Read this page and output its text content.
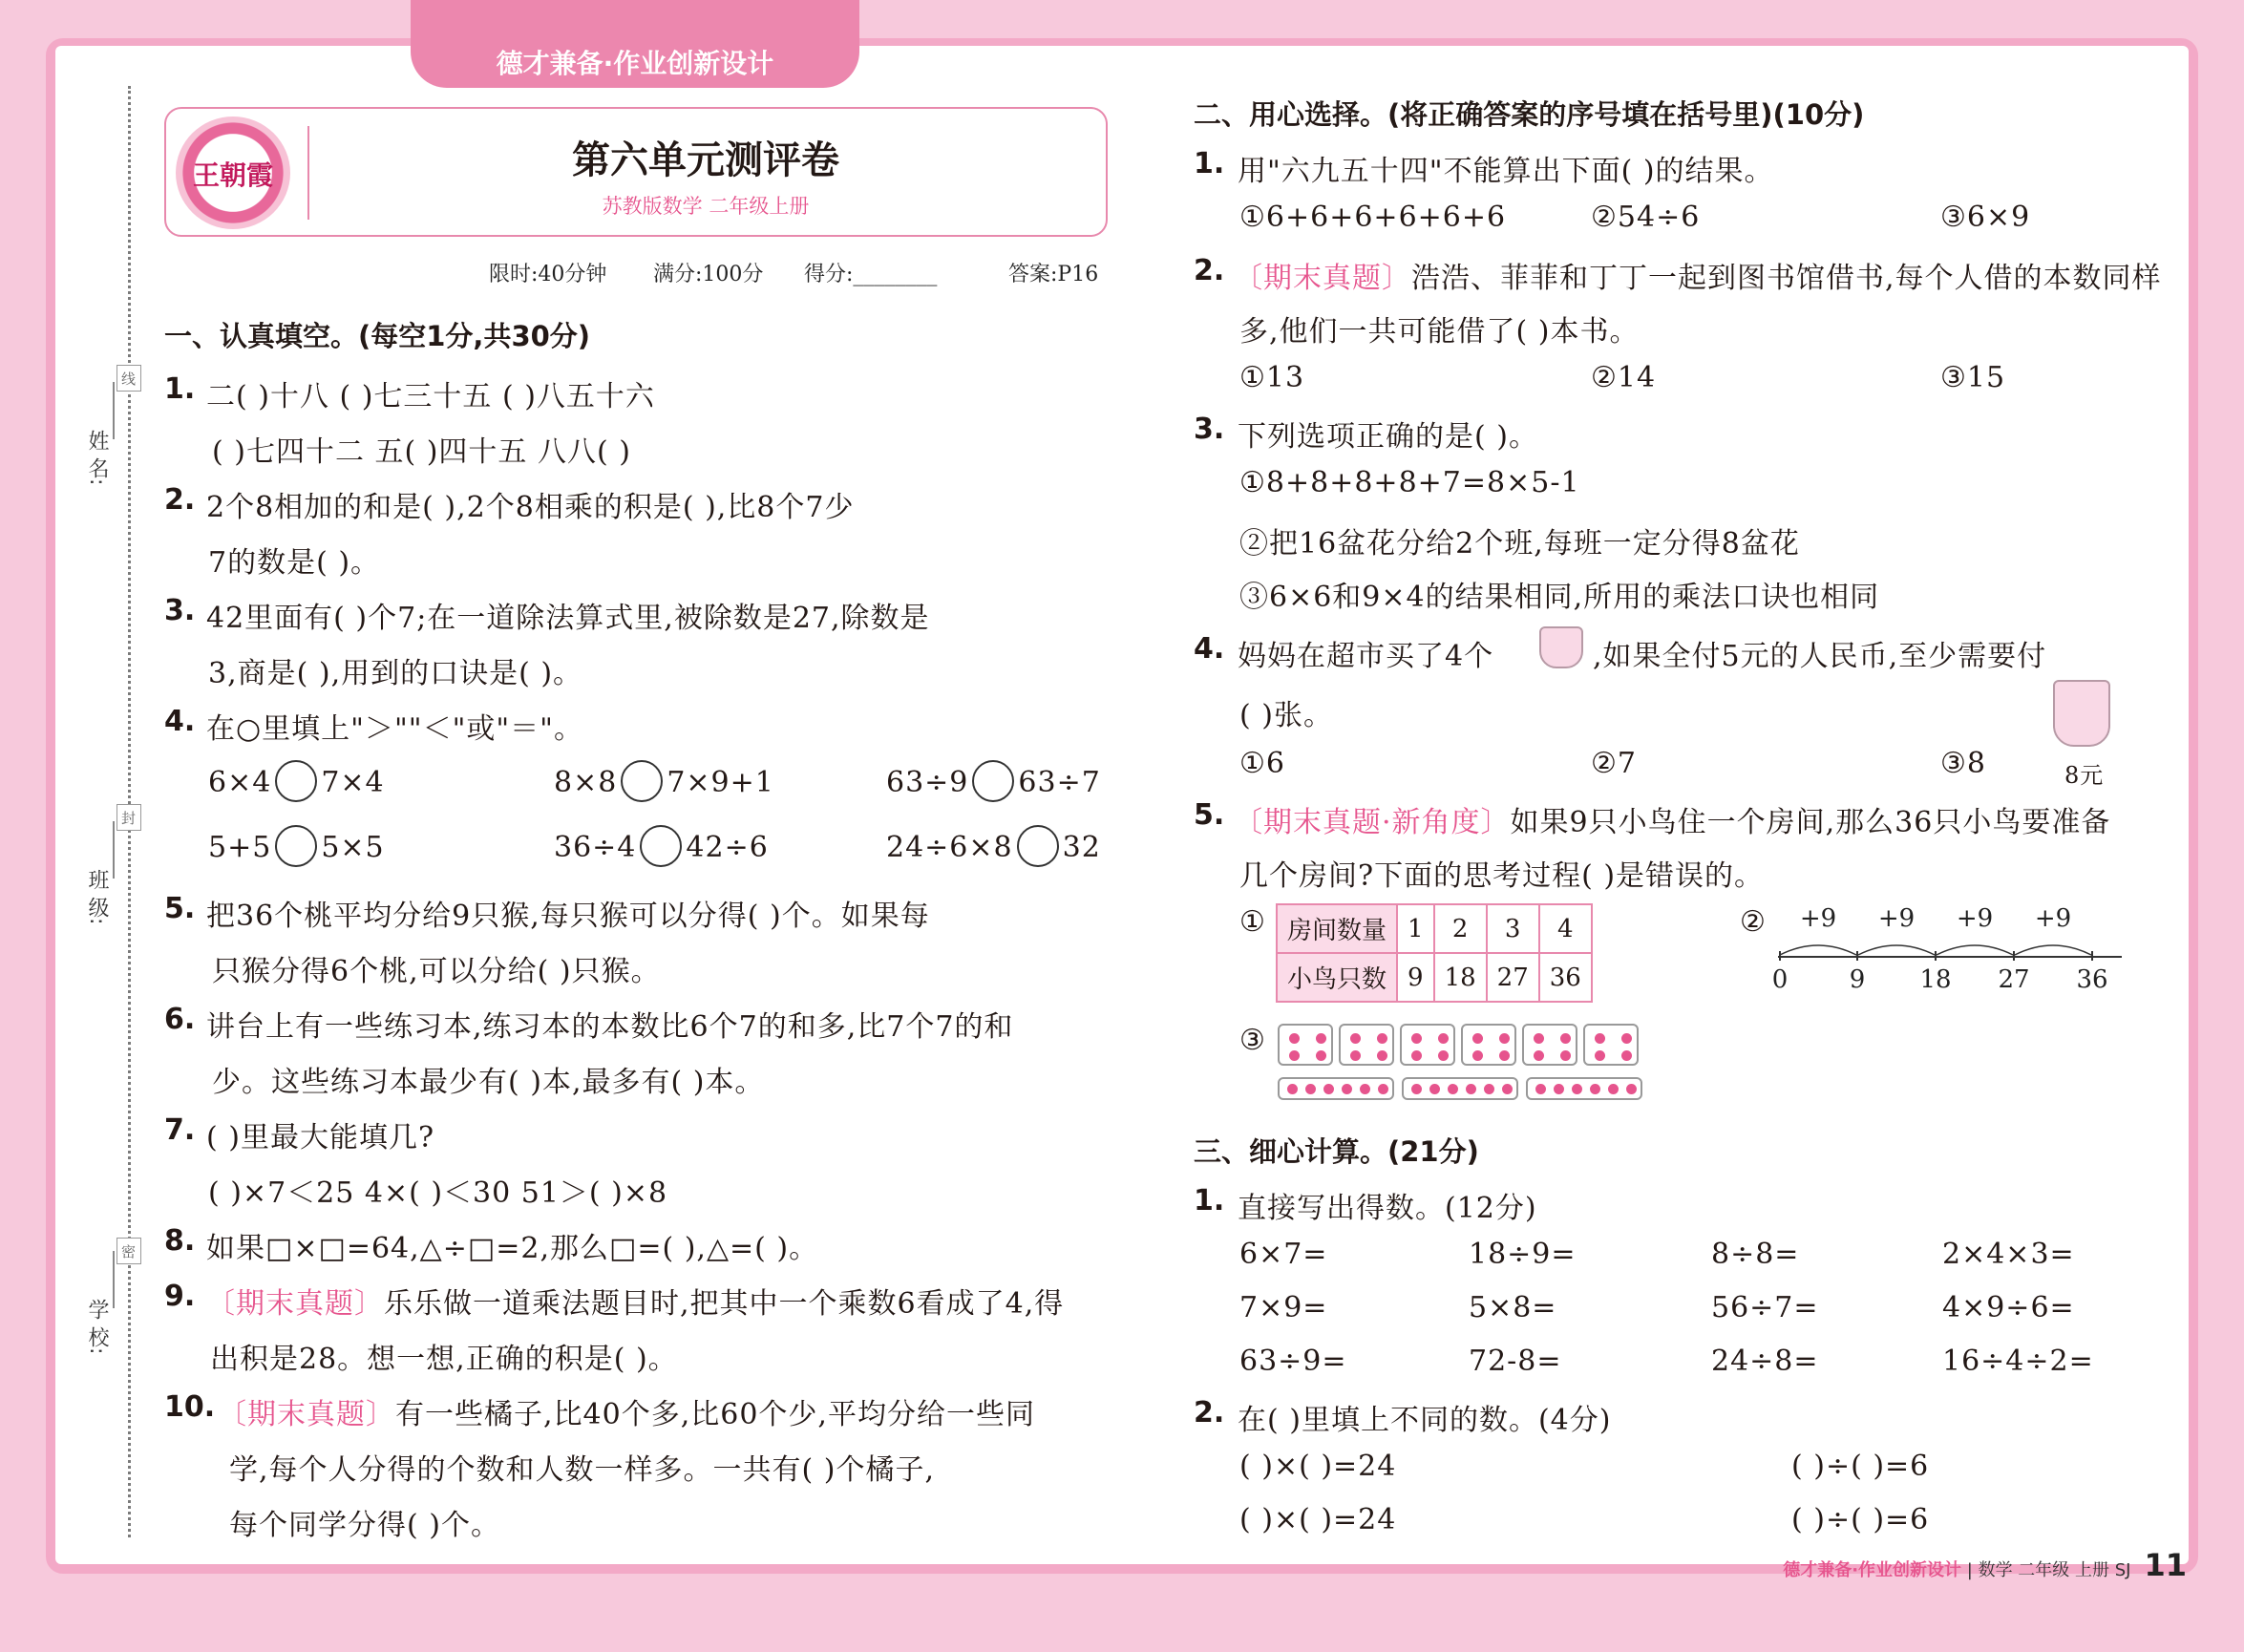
德才兼备·作业创新设计
姓 名:
线
班 级:
封
学 校:
密
王朝霞	第六单元测评卷
苏教版数学 二年级上册
限时:40分钟 满分:100分 得分:________	答案:P16
一、认真填空。(每空1分,共30分)
1. 二( )十八 ( )七三十五 ( )八五十六
( )七四十二 五( )四十五 八八( )
2. 2个8相加的和是( ),2个8相乘的积是( ),比8个7少
7的数是( )。
3. 42里面有( )个7;在一道除法算式里,被除数是27,除数是
3,商是( ),用到的口诀是( )。
4. 在○里填上"＞""＜"或"＝"。
6×4 7×4	8×8 7×9+1	63÷9 63÷7
5+5 5×5	36÷4 42÷6	24÷6×8 32
5. 把36个桃平均分给9只猴,每只猴可以分得( )个。如果每
只猴分得6个桃,可以分给( )只猴。
6. 讲台上有一些练习本,练习本的本数比6个7的和多,比7个7的和
少。这些练习本最少有( )本,最多有( )本。
7. ( )里最大能填几?
( )×7＜25 4×( )＜30 51＞( )×8
8. 如果□×□=64,△÷□=2,那么□=( ),△=( )。
9. 〔期末真题〕乐乐做一道乘法题目时,把其中一个乘数6看成了4,得
出积是28。想一想,正确的积是( )。
10. 〔期末真题〕有一些橘子,比40个多,比60个少,平均分给一些同
学,每个人分得的个数和人数一样多。一共有( )个橘子,
每个同学分得( )个。
二、用心选择。(将正确答案的序号填在括号里)(10分)
1. 用"六九五十四"不能算出下面( )的结果。
①6+6+6+6+6+6	②54÷6	③6×9
2. 〔期末真题〕浩浩、菲菲和丁丁一起到图书馆借书,每个人借的本数同样
多,他们一共可能借了( )本书。
①13	②14	③15
3. 下列选项正确的是( )。
①8+8+8+8+7=8×5-1
②把16盆花分给2个班,每班一定分得8盆花
③6×6和9×4的结果相同,所用的乘法口诀也相同
4. 妈妈在超市买了4个	,如果全付5元的人民币,至少需要付
( )张。
8元
①6	②7	③8
5. 〔期末真题·新角度〕如果9只小鸟住一个房间,那么36只小鸟要准备
几个房间?下面的思考过程( )是错误的。
① 房间数量	1	2	3	4
小鸟只数	9	18	27	36
② +9 +9 +9 +9
0 9 18 27 36
③
三、细心计算。(21分)
1. 直接写出得数。(12分)
6×7=	18÷9=	8÷8=	2×4×3=
7×9=	5×8=	56÷7=	4×9÷6=
63÷9=	72-8=	24÷8=	16÷4÷2=
2. 在( )里填上不同的数。(4分)
( )×( )=24	( )÷( )=6
( )×( )=24	( )÷( )=6
德才兼备·作业创新设计 | 数学 二年级 上册 SJ 11
